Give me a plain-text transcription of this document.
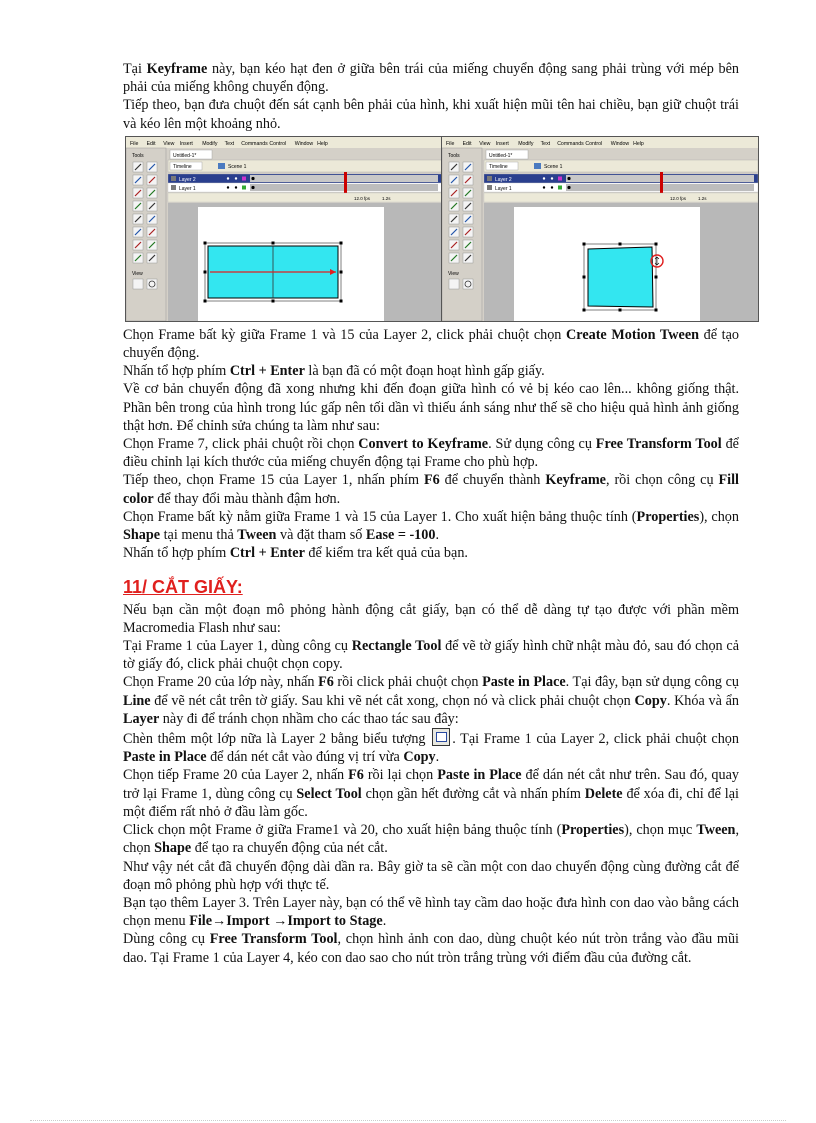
Tại Keyframe này, bạn kéo hạt đen ở giữa bên trái của miếng chuyển động sang phải trùng với mép bên phải của miếng không chuyển động.

Tiếp theo, bạn đưa chuột đến sát cạnh bên phải của hình, khi xuất hiện mũi tên hai chiều, bạn giữ chuột trái và kéo lên một khoảng nhỏ.

File Edit View Insert Modify Text Commands Control Window Help
Tools
View
Untitled-1*
Timeline	Scene 1
Layer 2
Layer 1
12.0 fps	1.2s
File Edit View Insert Modify Text Commands Control Window Help
Tools
View
Untitled-1*
Timeline	Scene 1
Layer 2
Layer 1
12.0 fps	1.2s

Chọn Frame bất kỳ giữa Frame 1 và 15 của Layer 2, click phải chuột chọn Create Motion Tween để tạo chuyển động.

Nhấn tổ hợp phím Ctrl + Enter là bạn đã có một đoạn hoạt hình gấp giấy.

Về cơ bản chuyển động đã xong nhưng khi đến đoạn giữa hình có vẻ bị kéo cao lên... không giống thật. Phần bên trong của hình trong lúc gấp nên tối dần vì thiếu ánh sáng như thế sẽ cho hiệu quả hình ảnh giống thật hơn. Để chỉnh sửa chúng ta làm như sau:

Chọn Frame 7, click phải chuột rồi chọn Convert to Keyframe. Sử dụng công cụ Free Transform Tool để điều chỉnh lại kích thước của miếng chuyển động tại Frame cho phù hợp.

Tiếp theo, chọn Frame 15 của Layer 1, nhấn phím F6 để chuyển thành Keyframe, rồi chọn công cụ Fill color để thay đổi màu thành đậm hơn.

Chọn Frame bất kỳ nằm giữa Frame 1 và 15 của Layer 1. Cho xuất hiện bảng thuộc tính (Properties), chọn Shape tại menu thả Tween và đặt tham số Ease = -100.

Nhấn tổ hợp phím Ctrl + Enter để kiểm tra kết quả của bạn.

11/ CẮT GIẤY:

Nếu bạn cần một đoạn mô phỏng hành động cắt giấy, bạn có thể dễ dàng tự tạo được với phần mềm Macromedia Flash như sau:

Tại Frame 1 của Layer 1, dùng công cụ Rectangle Tool để vẽ tờ giấy hình chữ nhật màu đỏ, sau đó chọn cả tờ giấy đó, click phải chuột chọn copy.

Chọn Frame 20 của lớp này, nhấn F6 rồi click phải chuột chọn Paste in Place. Tại đây, bạn sử dụng công cụ Line để vẽ nét cắt trên tờ giấy. Sau khi vẽ nét cắt xong, chọn nó và click phải chuột chọn Copy. Khóa và ẩn Layer này đi để tránh chọn nhầm cho các thao tác sau đây:

Chèn thêm một lớp nữa là Layer 2 bằng biểu tượng . Tại Frame 1 của Layer 2, click phải chuột chọn Paste in Place để dán nét cắt vào đúng vị trí vừa Copy.

Chọn tiếp Frame 20 của Layer 2, nhấn F6 rồi lại chọn Paste in Place để dán nét cắt như trên. Sau đó, quay trở lại Frame 1, dùng công cụ Select Tool chọn gần hết đường cắt và nhấn phím Delete để xóa đi, chỉ để lại một điểm rất nhỏ ở đầu làm gốc.

Click chọn một Frame ở giữa Frame1 và 20, cho xuất hiện bảng thuộc tính (Properties), chọn mục Tween, chọn Shape để tạo ra chuyển động của nét cắt.

Như vậy nét cắt đã chuyển động dài dần ra. Bây giờ ta sẽ cần một con dao chuyển động cùng đường cắt để đoạn mô phỏng phù hợp với thực tế.

Bạn tạo thêm Layer 3. Trên Layer này, bạn có thể vẽ hình tay cầm dao hoặc đưa hình con dao vào bằng cách chọn menu File→Import →Import to Stage.

Dùng công cụ Free Transform Tool, chọn hình ảnh con dao, dùng chuột kéo nút tròn trắng vào đầu mũi dao. Tại Frame 1 của Layer 4, kéo con dao sao cho nút tròn trắng trùng với điểm đầu của đường cắt.
